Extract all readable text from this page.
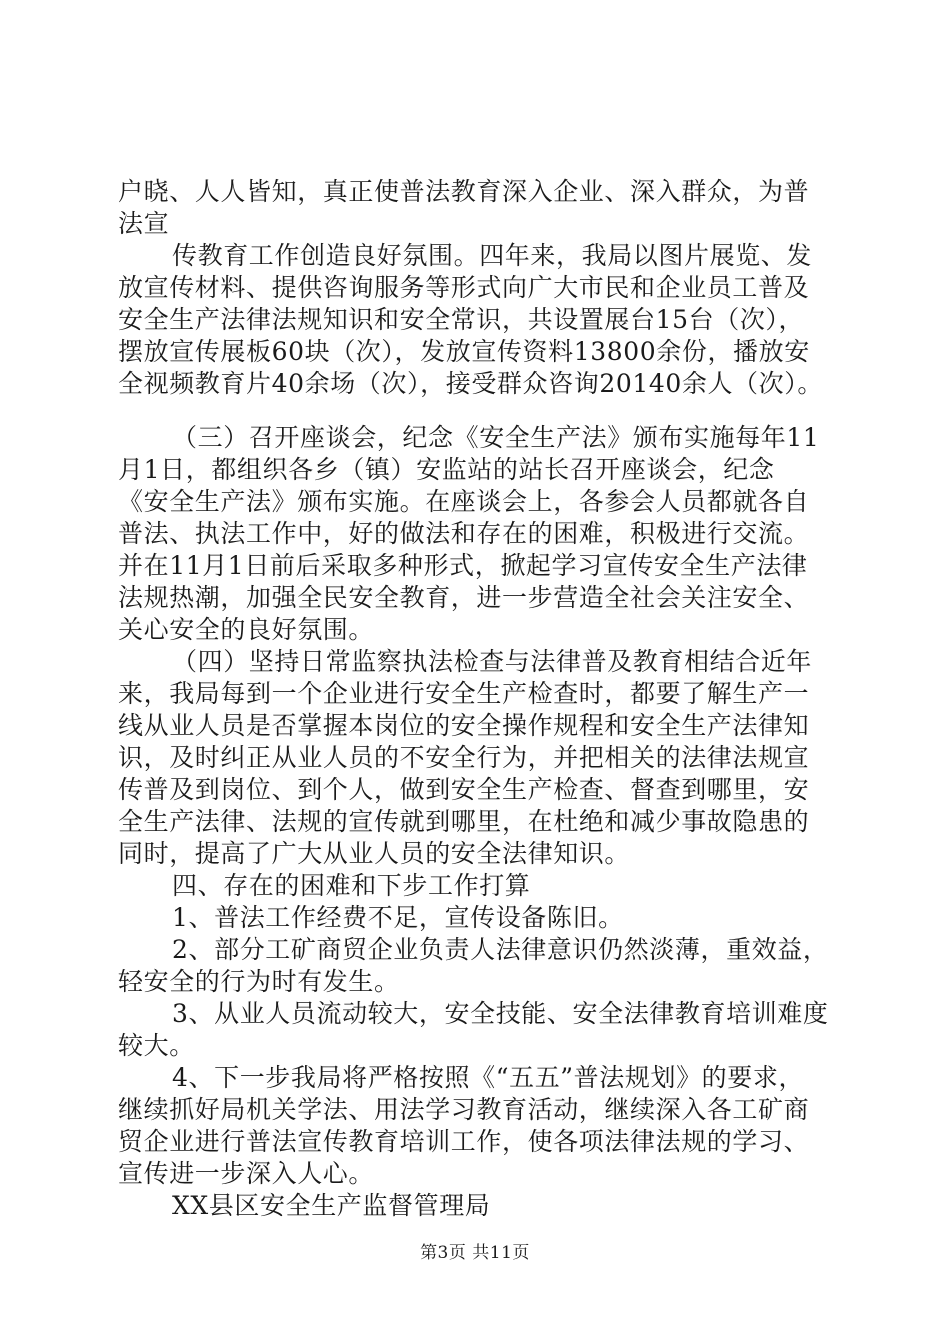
户晓、人人皆知，真正使普法教育深入企业、深入群众，为普

法宣

传教育工作创造良好氛围。四年来，我局以图片展览、发

放宣传材料、提供咨询服务等形式向广大市民和企业员工普及

安全生产法律法规知识和安全常识，共设置展台15台（次），

摆放宣传展板60块（次），发放宣传资料13800余份，播放安

全视频教育片40余场（次），接受群众咨询20140余人（次）。

（三）召开座谈会，纪念《安全生产法》颁布实施每年11

月1日，都组织各乡（镇）安监站的站长召开座谈会，纪念

《安全生产法》颁布实施。在座谈会上，各参会人员都就各自

普法、执法工作中，好的做法和存在的困难，积极进行交流。

并在11月1日前后采取多种形式，掀起学习宣传安全生产法律

法规热潮，加强全民安全教育，进一步营造全社会关注安全、

关心安全的良好氛围。

（四）坚持日常监察执法检查与法律普及教育相结合近年

来，我局每到一个企业进行安全生产检查时，都要了解生产一

线从业人员是否掌握本岗位的安全操作规程和安全生产法律知

识，及时纠正从业人员的不安全行为，并把相关的法律法规宣

传普及到岗位、到个人，做到安全生产检查、督查到哪里，安

全生产法律、法规的宣传就到哪里，在杜绝和减少事故隐患的

同时，提高了广大从业人员的安全法律知识。

四、存在的困难和下步工作打算

1、普法工作经费不足，宣传设备陈旧。

2、部分工矿商贸企业负责人法律意识仍然淡薄，重效益，

轻安全的行为时有发生。

3、从业人员流动较大，安全技能、安全法律教育培训难度

较大。

4、下一步我局将严格按照《“五五”普法规划》的要求，

继续抓好局机关学法、用法学习教育活动，继续深入各工矿商

贸企业进行普法宣传教育培训工作，使各项法律法规的学习、

宣传进一步深入人心。

XX县区安全生产监督管理局

第3页 共11页
